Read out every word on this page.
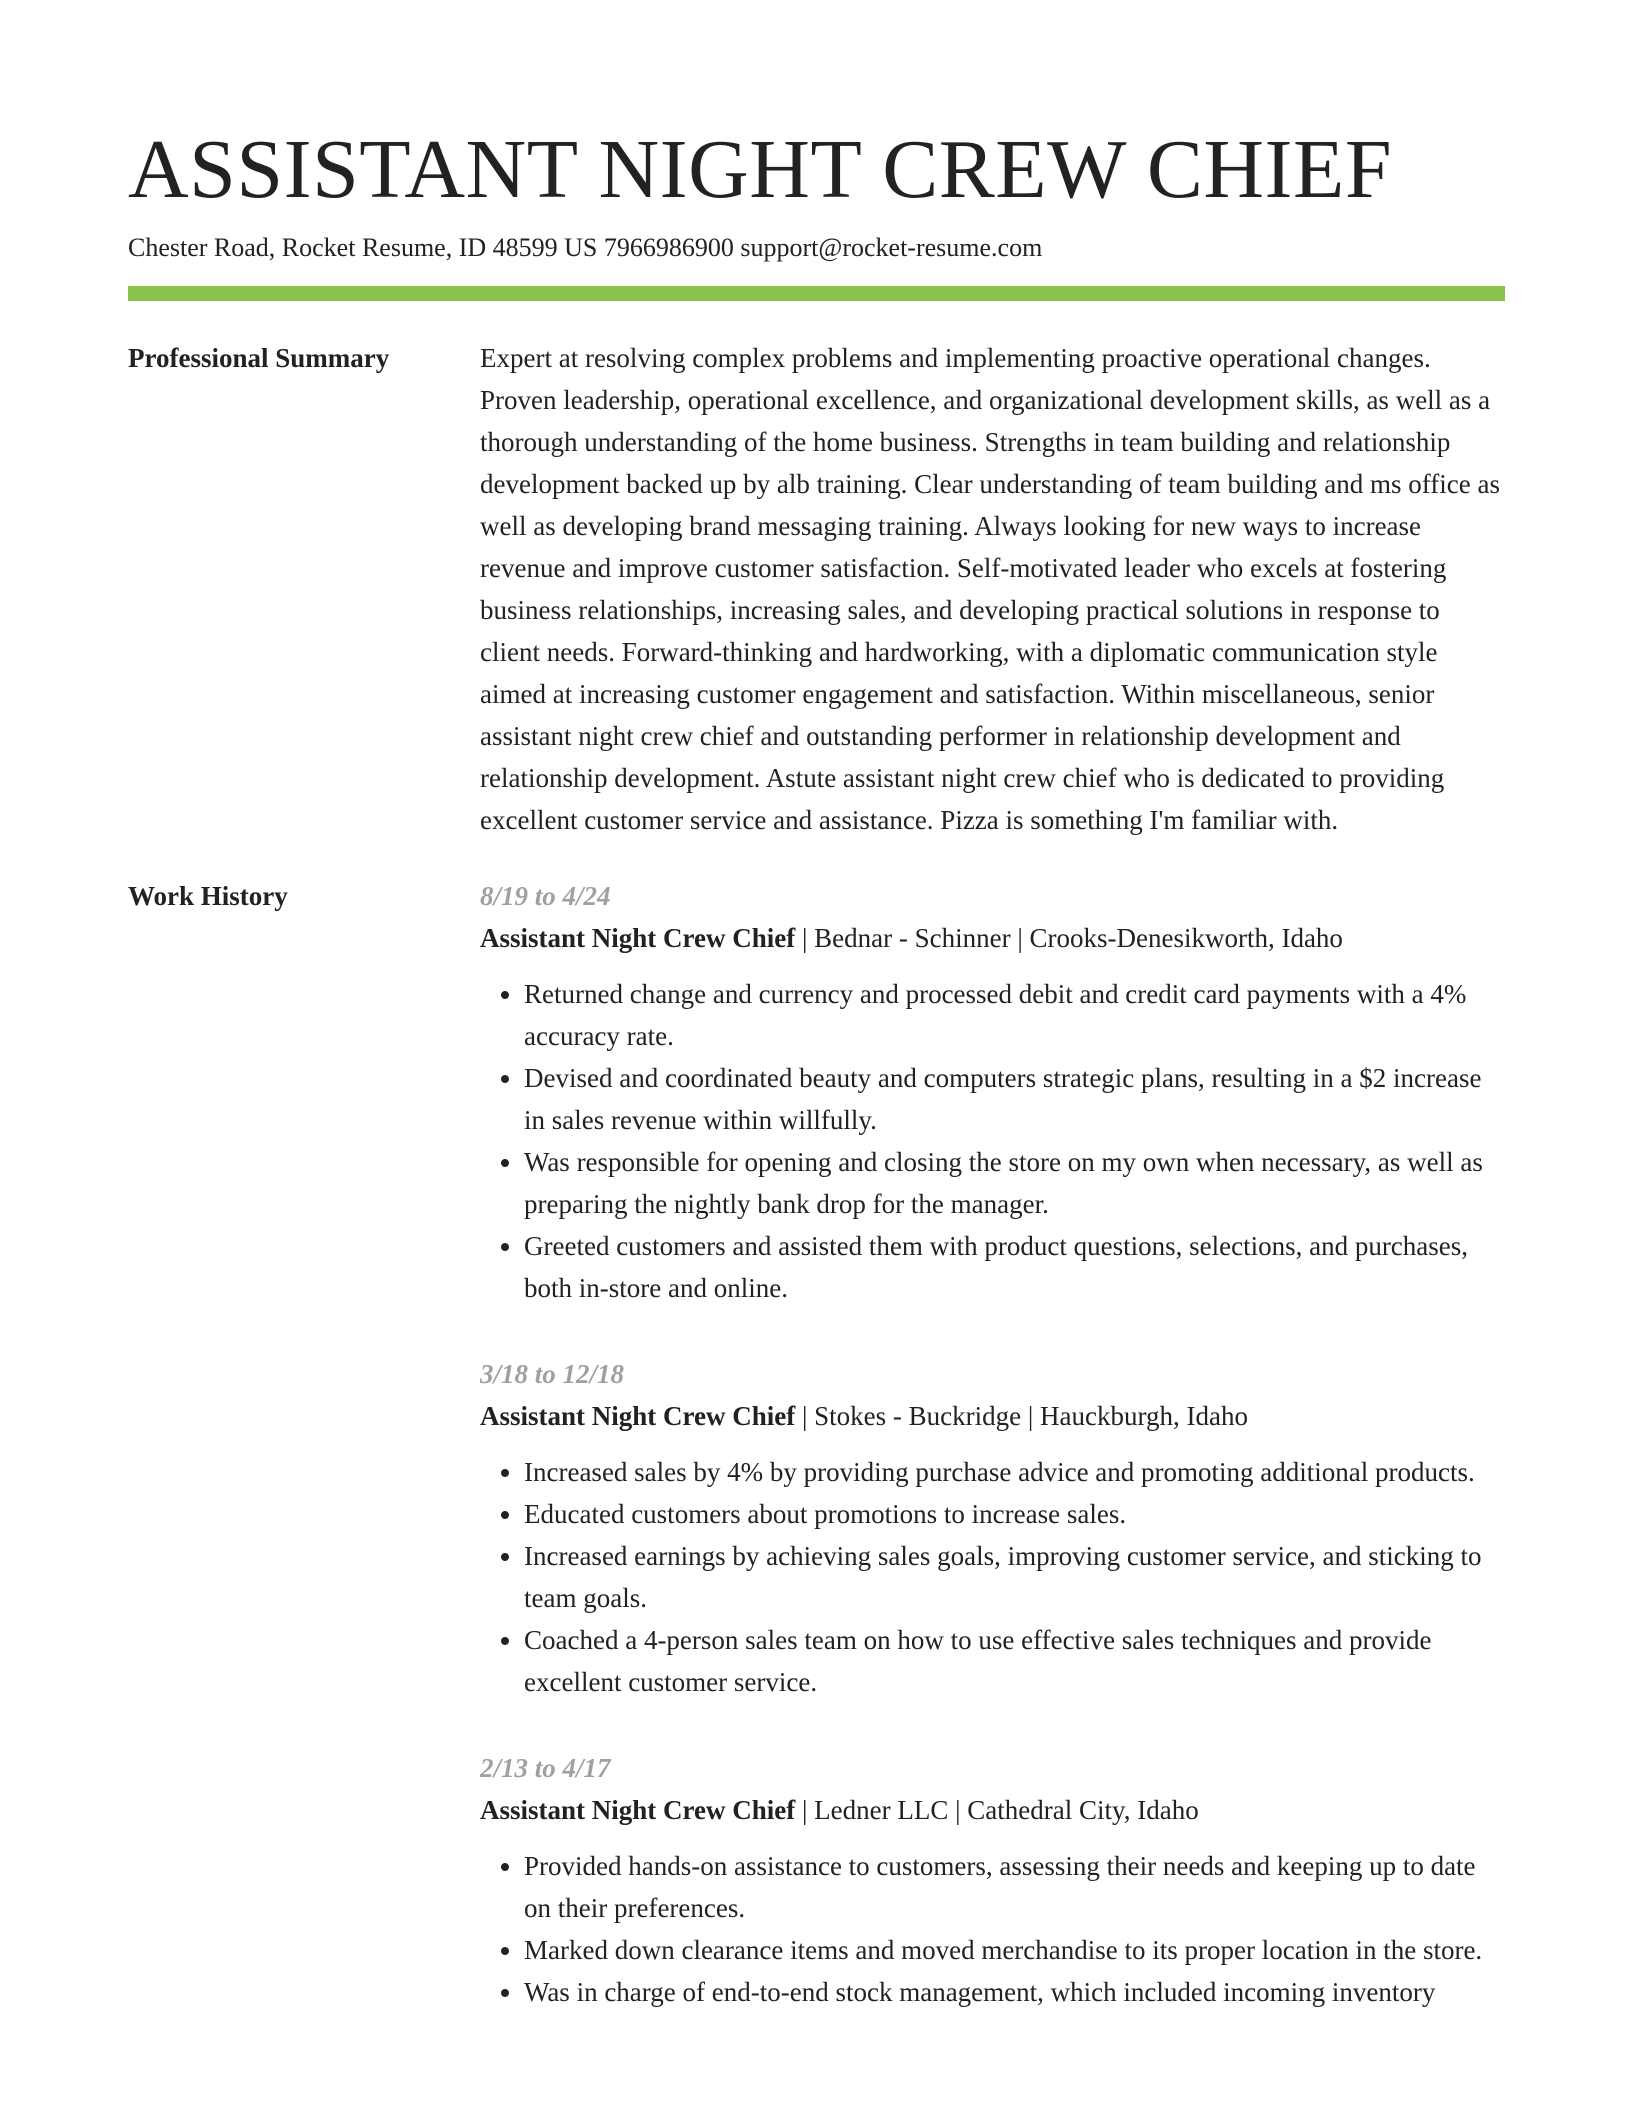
ASSISTANT NIGHT CREW CHIEF
Chester Road, Rocket Resume, ID 48599 US 7966986900 support@rocket-resume.com
Professional Summary	Expert at resolving complex problems and implementing proactive operational changes. Proven leadership, operational excellence, and organizational development skills, as well as a thorough understanding of the home business. Strengths in team building and relationship development backed up by alb training. Clear understanding of team building and ms office as well as developing brand messaging training. Always looking for new ways to increase revenue and improve customer satisfaction. Self-motivated leader who excels at fostering business relationships, increasing sales, and developing practical solutions in response to client needs. Forward-thinking and hardworking, with a diplomatic communication style aimed at increasing customer engagement and satisfaction. Within miscellaneous, senior assistant night crew chief and outstanding performer in relationship development and relationship development. Astute assistant night crew chief who is dedicated to providing excellent customer service and assistance. Pizza is something I'm familiar with.

Work History	8/19 to 4/24
Assistant Night Crew Chief | Bednar - Schinner | Crooks-Denesikworth, Idaho
• Returned change and currency and processed debit and credit card payments with a 4% accuracy rate.
• Devised and coordinated beauty and computers strategic plans, resulting in a $2 increase in sales revenue within willfully.
• Was responsible for opening and closing the store on my own when necessary, as well as preparing the nightly bank drop for the manager.
• Greeted customers and assisted them with product questions, selections, and purchases, both in-store and online.
3/18 to 12/18
Assistant Night Crew Chief | Stokes - Buckridge | Hauckburgh, Idaho
• Increased sales by 4% by providing purchase advice and promoting additional products.
• Educated customers about promotions to increase sales.
• Increased earnings by achieving sales goals, improving customer service, and sticking to team goals.
• Coached a 4-person sales team on how to use effective sales techniques and provide excellent customer service.
2/13 to 4/17
Assistant Night Crew Chief | Ledner LLC | Cathedral City, Idaho
• Provided hands-on assistance to customers, assessing their needs and keeping up to date on their preferences.
• Marked down clearance items and moved merchandise to its proper location in the store.
• Was in charge of end-to-end stock management, which included incoming inventory
